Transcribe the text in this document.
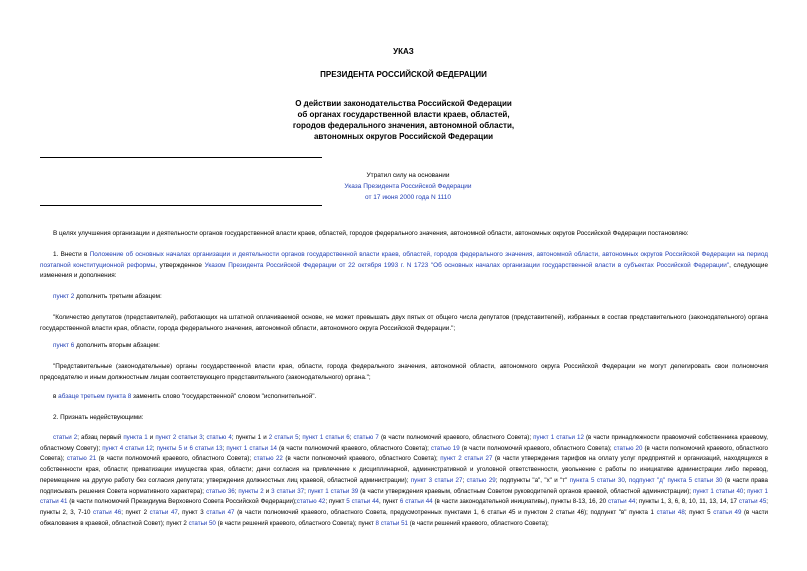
УКАЗ
ПРЕЗИДЕНТА РОССИЙСКОЙ ФЕДЕРАЦИИ
О действии законодательства Российской Федерации
об органах государственной власти краев, областей,
городов федерального значения, автономной области,
автономных округов Российской Федерации
Утратил силу на основании
Указа Президента Российской Федерации
от 17 июня 2000 года N 1110

В целях улучшения организации и деятельности органов государственной власти краев, областей, городов федерального значения, автономной области, автономных округов Российской Федерации постановляю:

1. Внести в Положение об основных началах организации и деятельности органов государственной власти краев, областей, городов федерального значения, автономной области, автономных округов Российской Федерации на период поэтапной конституционной реформы, утвержденное Указом Президента Российской Федерации от 22 октября 1993 г. N 1723 "Об основных началах организации государственной власти в субъектах Российской Федерации", следующие изменения и дополнения:

пункт 2 дополнить третьим абзацем:

"Количество депутатов (представителей), работающих на штатной оплачиваемой основе, не может превышать двух пятых от общего числа депутатов (представителей), избранных в состав представительного (законодательного) органа государственной власти края, области, города федерального значения, автономной области, автономного округа Российской Федерации.";

пункт 6 дополнить вторым абзацем:

"Представительные (законодательные) органы государственной власти края, области, города федерального значения, автономной области, автономного округа Российской Федерации не могут делегировать свои полномочия председателю и иным должностным лицам соответствующего представительного (законодательного) органа.";

в абзаце третьем пункта 8 заменить слово "государственной" словом "исполнительной".

2. Признать недействующими:

статьи 2; абзац первый пункта 1 и пункт 2 статьи 3; статью 4; пункты 1 и 2 статьи 5; пункт 1 статьи 6; статью 7 (в части полномочий краевого, областного Совета); пункт 1 статьи 12 (в части принадлежности правомочий собственника краевому, областному Совету); пункт 4 статьи 12; пункты 5 и 6 статьи 13; пункт 1 статьи 14 (в части полномочий краевого, областного Совета); статью 19 (в части полномочий краевого, областного Совета); статью 20 (в части полномочий краевого, областного Совета); статью 21 (в части полномочий краевого, областного Совета); статью 22 (в части полномочий краевого, областного Совета); пункт 2 статьи 27 (в части утверждения тарифов на оплату услуг предприятий и организаций, находящихся в собственности края, области; приватизации имущества края, области; дачи согласия на привлечение к дисциплинарной, административной и уголовной ответственности, увольнение с работы по инициативе администрации либо перевод, перемещение на другую работу без согласия депутата; утверждения должностных лиц краевой, областной администрации); пункт 3 статьи 27; статью 29; подпункты "а", "х" и "т" пункта 5 статьи 30, подпункт "д" пункта 5 статьи 30 (в части права подписывать решения Совета нормативного характера); статью 36; пункты 2 и 3 статьи 37; пункт 1 статьи 39 (в части утверждения краевым, областным Советом руководителей органов краевой, областной администрации); пункт 1 статьи 40; пункт 1 статьи 41 (в части полномочий Президиума Верховного Совета Российской Федерации);статью 42; пункт 5 статьи 44, пункт 6 статьи 44 (в части законодательной инициативы), пункты 8-13, 16, 20 статьи 44; пункты 1, 3, 6, 8, 10, 11, 13, 14, 17 статьи 45; пункты 2, 3, 7-10 статьи 46; пункт 2 статьи 47, пункт 3 статьи 47 (в части полномочий краевого, областного Совета, предусмотренных пунктами 1, 6 статьи 45 и пунктом 2 статьи 46); подпункт "в" пункта 1 статьи 48; пункт 5 статьи 49 (в части обжалования в краевой, областной Совет); пункт 2 статьи 50 (в части решений краевого, областного Совета); пункт 8 статьи 51 (в части решений краевого, областного Совета);
